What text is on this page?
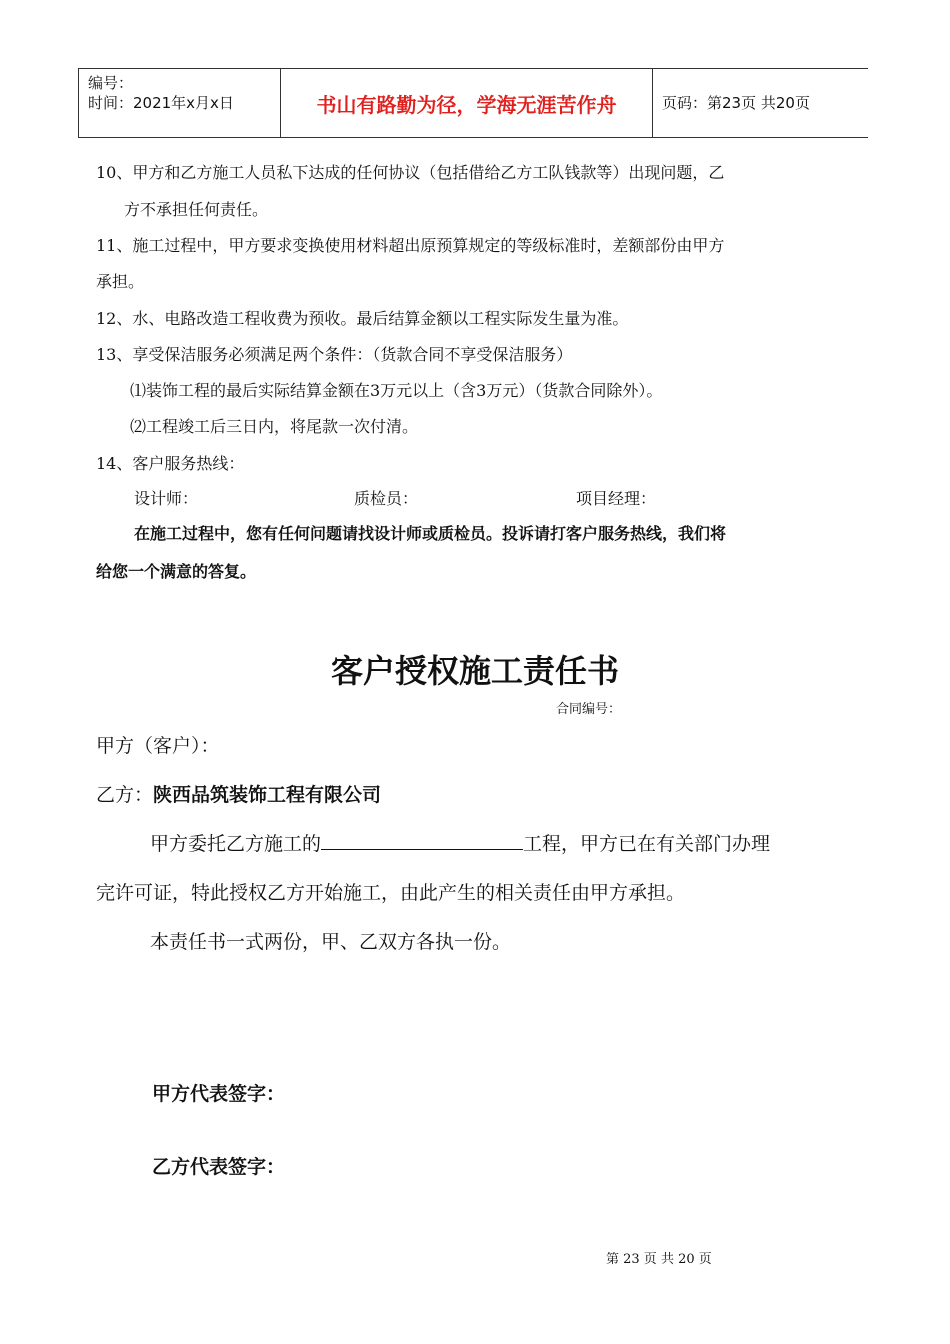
编号：
时间：2021年x月x日	书山有路勤为径，学海无涯苦作舟	页码：第23页 共20页
10、甲方和乙方施工人员私下达成的任何协议（包括借给乙方工队钱款等）出现问题，乙
方不承担任何责任。
11、施工过程中，甲方要求变换使用材料超出原预算规定的等级标准时，差额部份由甲方
承担。
12、水、电路改造工程收费为预收。最后结算金额以工程实际发生量为准。
13、享受保洁服务必须满足两个条件：（货款合同不享受保洁服务）
⑴装饰工程的最后实际结算金额在3万元以上（含3万元）（货款合同除外）。
⑵工程竣工后三日内，将尾款一次付清。
14、客户服务热线：
设计师：	质检员：	项目经理：
在施工过程中，您有任何问题请找设计师或质检员。投诉请打客户服务热线，我们将
给您一个满意的答复。
客户授权施工责任书
合同编号：
甲方（客户）：
乙方：陕西品筑装饰工程有限公司
甲方委托乙方施工的	工程，甲方已在有关部门办理
完许可证，特此授权乙方开始施工，由此产生的相关责任由甲方承担。
本责任书一式两份，甲、乙双方各执一份。
甲方代表签字：
乙方代表签字：
第 23 页 共 20 页
